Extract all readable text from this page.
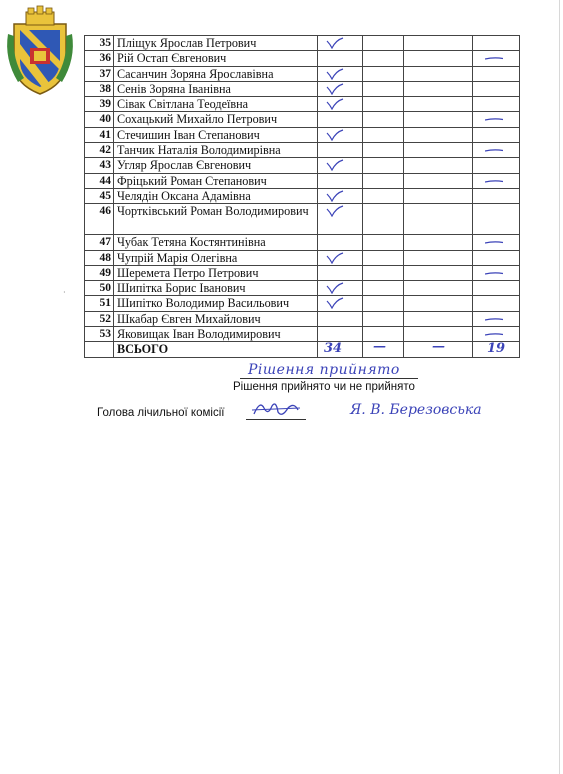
35	Пліщук Ярослав Петрович	

36	Рій Остап Євгенович				

37	Сасанчин Зоряна Ярославівна	

38	Сенів Зоряна Іванівна	

39	Сівак Світлана Теодеївна	

40	Сохацький Михайло Петрович				

41	Стечишин Іван Степанович	

42	Танчик Наталія Володимирівна				

43	Угляр Ярослав Євгенович	

44	Фріцький Роман Степанович				

45	Челядін Оксана Адамівна	

46	Чортківський Роман Володимирович	

47	Чубак Тетяна Костянтинівна				

48	Чупрій Марія Олегівна	

49	Шеремета Петро Петрович				

50	Шипітка Борис Іванович	

51	Шипітко Володимир Васильович	

52	Шкабар Євген Михайлович				

53	Яковищак Іван Володимирович				

	ВСЬОГО	34	—	—	19
Рішення прийнято
Рішення прийнято чи не прийнято
Голова лічильної комісії	Я. В. Березовська
·
